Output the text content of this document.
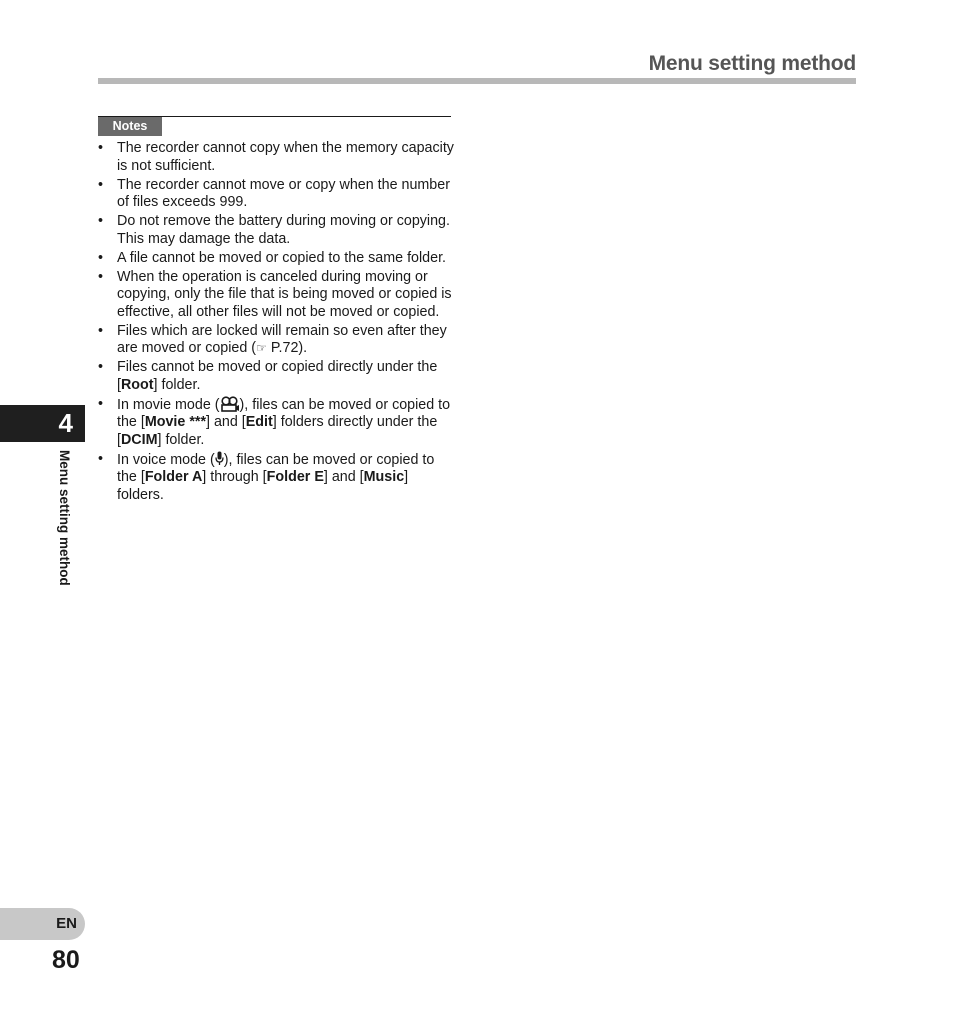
Menu setting method
Notes
• The recorder cannot copy when the memory capacity is not sufficient.
• The recorder cannot move or copy when the number of files exceeds 999.
• Do not remove the battery during moving or copying. This may damage the data.
• A file cannot be moved or copied to the same folder.
• When the operation is canceled during moving or copying, only the file that is being moved or copied is effective, all other files will not be moved or copied.
• Files which are locked will remain so even after they are moved or copied (☞ P.72).
• Files cannot be moved or copied directly under the [Root] folder.
• In movie mode ( ), files can be moved or copied to the [Movie ***] and [Edit] folders directly under the [DCIM] folder.
• In voice mode ( ), files can be moved or copied to the [Folder A] through [Folder E] and [Music] folders.
4
Menu setting method
EN
80
